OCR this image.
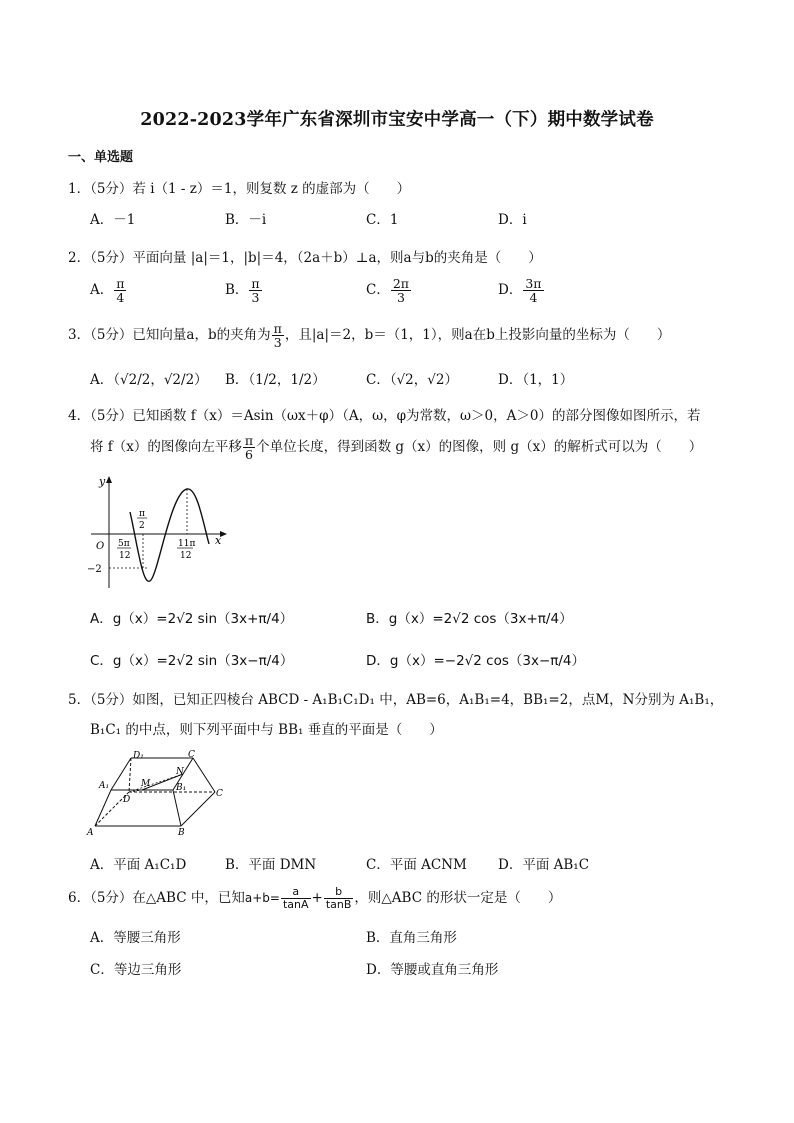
2022-2023学年广东省深圳市宝安中学高一（下）期中数学试卷
一、单选题
1．（5分）若 i（1 - z）＝1，则复数 z 的虚部为（　　）
A．－1	B．－i	C．1	D．i
2．（5分）平面向量 |a|＝1，|b|＝4，（2a＋b）⊥a，则a与b的夹角是（　　）
A． $\frac{\pi}{4}$	B． $\frac{\pi}{3}$	C． $\frac{2\pi}{3}$	D． $\frac{3\pi}{4}$
3．（5分）已知向量a，b的夹角为 $\frac{\pi}{3}$ ，且|a|＝2，b＝（1，1），则a在b上投影向量的坐标为（　　）
A．（√2/2，√2/2） B．（1/2，1/2）	C．（√2，√2）	D．（1，1）
4．（5分）已知函数 f（x）＝Asin（ωx＋φ）（A，ω，φ为常数，ω＞0，A＞0）的部分图像如图所示，若
将 f（x）的图像向左平移 $\frac{\pi}{6}$ 个单位长度，得到函数 g（x）的图像，则 g（x）的解析式可以为（　　）
y
x
O
−2
5π
12
π
2
11π
12
A．g（x）=2√2 sin（3x+π/4）	B．g（x）=2√2 cos（3x+π/4）
C．g（x）=2√2 sin（3x−π/4）	D．g（x）=−2√2 cos（3x−π/4）
5．（5分）如图，已知正四棱台 ABCD - A₁B₁C₁D₁ 中，AB=6，A₁B₁=4，BB₁=2，点M，N分别为 A₁B₁，
B₁C₁ 的中点，则下列平面中与 BB₁ 垂直的平面是（　　）
D₁	C
A₁	M
N
B₁
D
C
A	B
A．平面 A₁C₁D	B．平面 DMN	C．平面 ACNM D．平面 AB₁C
6．（5分）在△ABC 中，已知$a+b= \frac{a}{\tan A} + \frac{b}{\tan B}$ ，则△ABC 的形状一定是（　　）
A．等腰三角形	B．直角三角形
C．等边三角形	D．等腰或直角三角形
